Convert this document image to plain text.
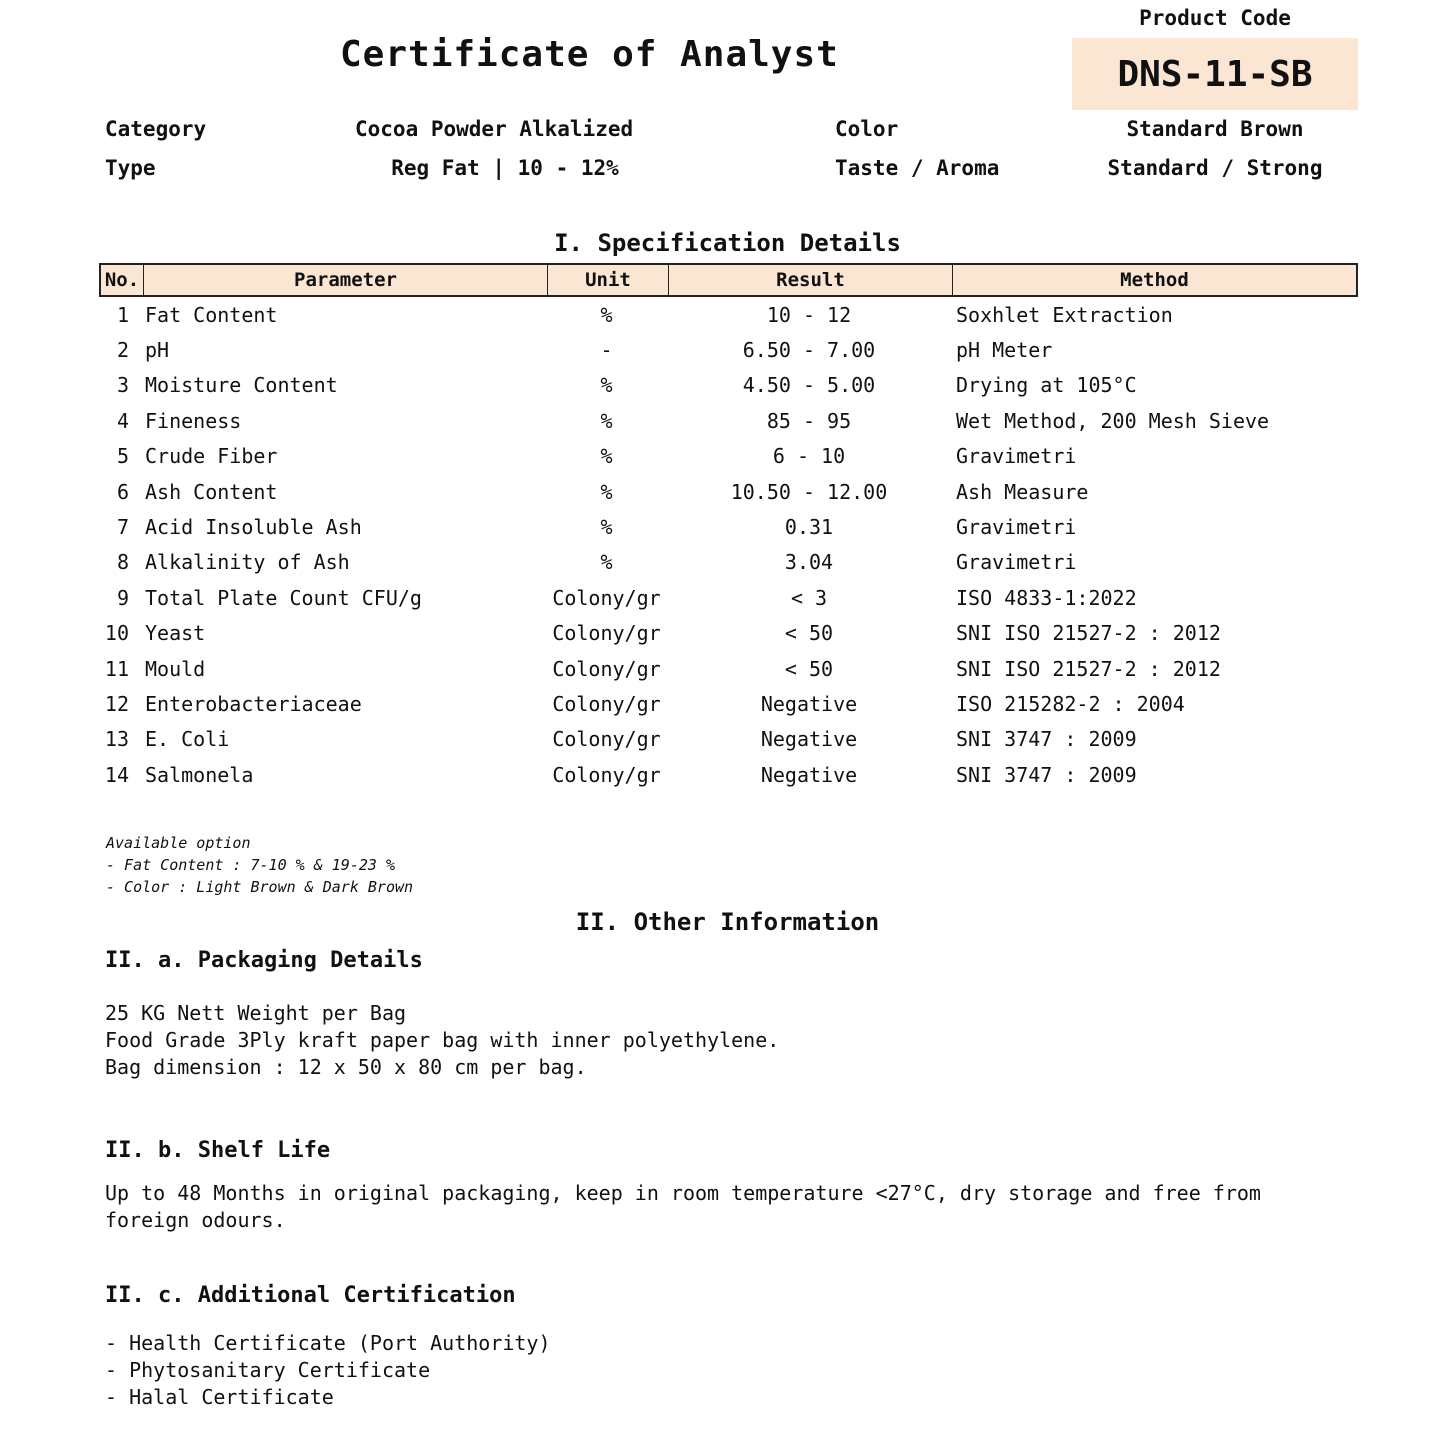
Certificate of Analyst
Product Code
DNS-11-SB
Category	Cocoa Powder Alkalized	Color	Standard Brown
Type	Reg Fat | 10 - 12%	Taste / Aroma	Standard / Strong
I. Specification Details
No.	Parameter	Unit	Result	Method
1 Fat Content	%	10 - 12	Soxhlet Extraction
2 pH	-	6.50 - 7.00	pH Meter
3 Moisture Content	%	4.50 - 5.00	Drying at 105°C
4 Fineness	%	85 - 95	Wet Method, 200 Mesh Sieve
5 Crude Fiber	%	6 - 10	Gravimetri
6 Ash Content	%	10.50 - 12.00	Ash Measure
7 Acid Insoluble Ash	%	0.31	Gravimetri
8 Alkalinity of Ash	%	3.04	Gravimetri
9 Total Plate Count CFU/g	Colony/gr	< 3	ISO 4833-1:2022
10 Yeast	Colony/gr	< 50	SNI ISO 21527-2 : 2012
11 Mould	Colony/gr	< 50	SNI ISO 21527-2 : 2012
12 Enterobacteriaceae	Colony/gr	Negative	ISO 215282-2 : 2004
13 E. Coli	Colony/gr	Negative	SNI 3747 : 2009
14 Salmonela	Colony/gr	Negative	SNI 3747 : 2009
Available option
- Fat Content : 7-10 % & 19-23 %
- Color : Light Brown & Dark Brown
II. Other Information
II. a. Packaging Details
25 KG Nett Weight per Bag
Food Grade 3Ply kraft paper bag with inner polyethylene.
Bag dimension : 12 x 50 x 80 cm per bag.
II. b. Shelf Life
Up to 48 Months in original packaging, keep in room temperature <27°C, dry storage and free from
foreign odours.
II. c. Additional Certification
- Health Certificate (Port Authority)
- Phytosanitary Certificate
- Halal Certificate
